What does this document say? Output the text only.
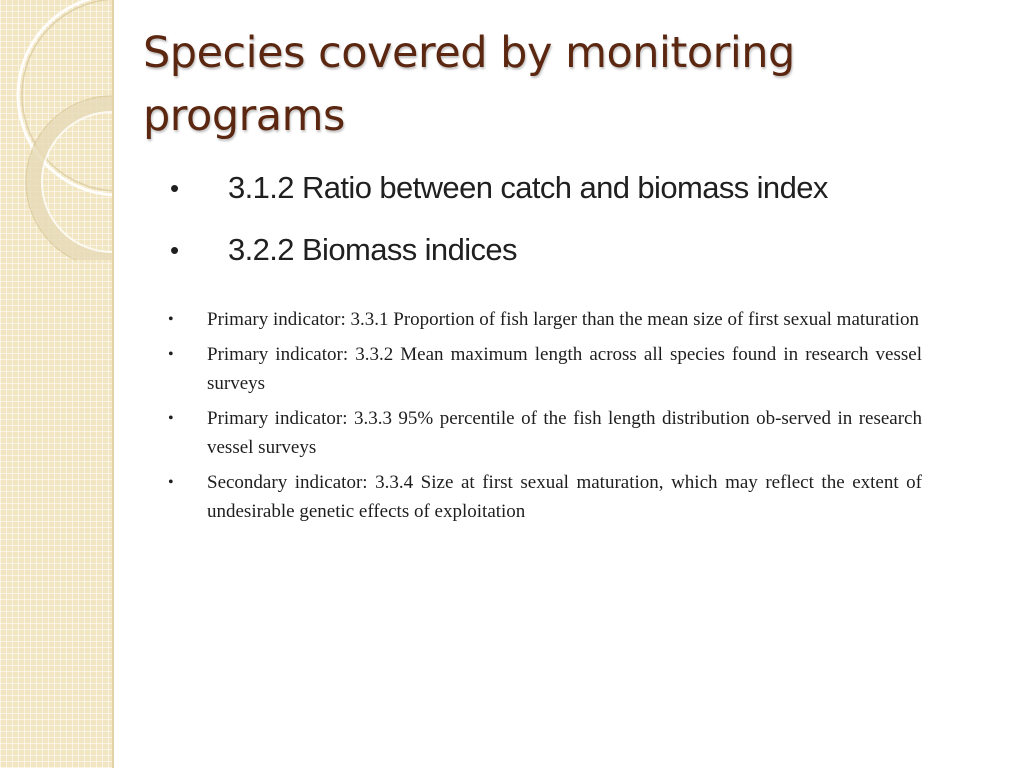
Species covered by monitoring programs
•	3.1.2 Ratio between catch and biomass index
•	3.2.2 Biomass indices
• Primary indicator: 3.3.1 Proportion of fish larger than the mean size of first sexual maturation
• Primary indicator: 3.3.2 Mean maximum length across all species found in research vessel surveys
• Primary indicator: 3.3.3 95% percentile of the fish length distribution ob-served in research vessel surveys
• Secondary indicator: 3.3.4 Size at first sexual maturation, which may reflect the extent of undesirable genetic effects of exploitation
